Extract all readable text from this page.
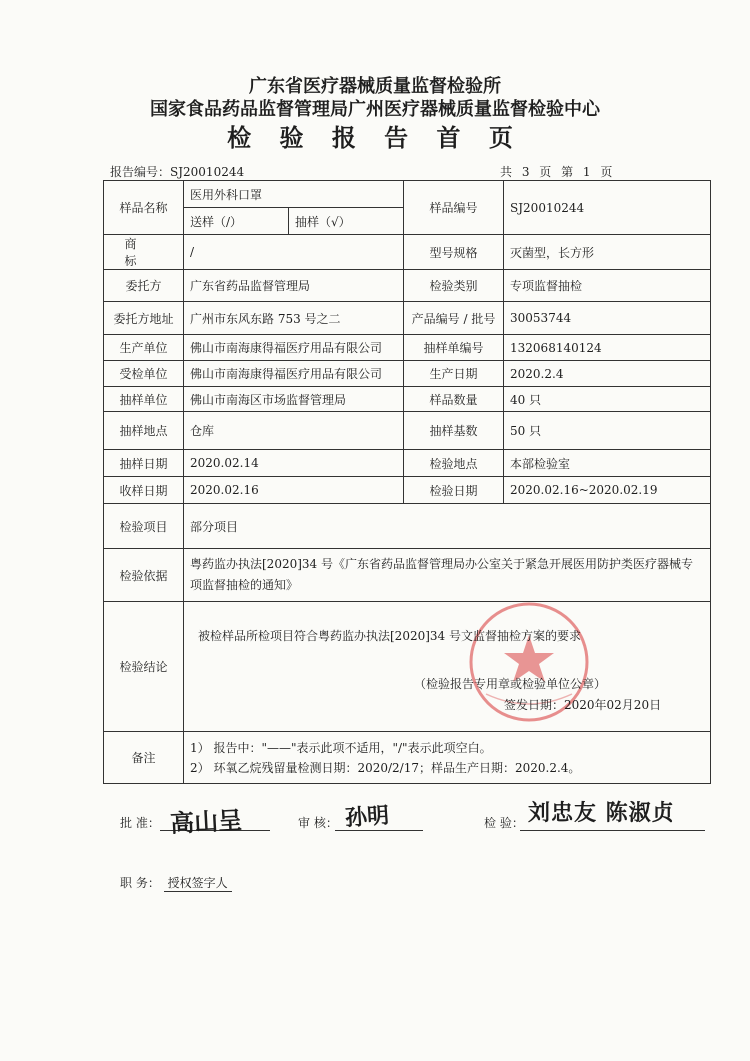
广东省医疗器械质量监督检验所
国家食品药品监督管理局广州医疗器械质量监督检验中心
检 验 报 告 首 页
报告编号：SJ20010244	共 3 页 第 1 页
样品名称	医用外科口罩		样品编号	SJ20010244
	送样（/）	抽样（√）		
商 标	/		型号规格	灭菌型，长方形
委托方	广东省药品监督管理局		检验类别	专项监督抽检
委托方地址	广州市东风东路 753 号之二		产品编号 / 批号	30053744
生产单位	佛山市南海康得福医疗用品有限公司		抽样单编号	132068140124
受检单位	佛山市南海康得福医疗用品有限公司		生产日期	2020.2.4
抽样单位	佛山市南海区市场监督管理局		样品数量	40 只
抽样地点	仓库		抽样基数	50 只
抽样日期	2020.02.14		检验地点	本部检验室
收样日期	2020.02.16		检验日期	2020.02.16~2020.02.19
检验项目	部分项目			
检验依据	粤药监办执法[2020]34 号《广东省药品监督管理局办公室关于紧急开展医用防护类医疗器械专项监督抽检的通知》			
检验结论	被检样品所检项目符合粤药监办执法[2020]34 号文监督抽检方案的要求
（检验报告专用章或检验单位公章）
签发日期：2020年02月20日			

备注	1） 报告中："——"表示此项不适用，"/"表示此项空白。
2） 环氧乙烷残留量检测日期：2020/2/17；样品生产日期：2020.2.4。			
批 准： 高山呈	审 核： 孙明	检 验： 刘忠友 陈淑贞
职 务： 授权签字人
